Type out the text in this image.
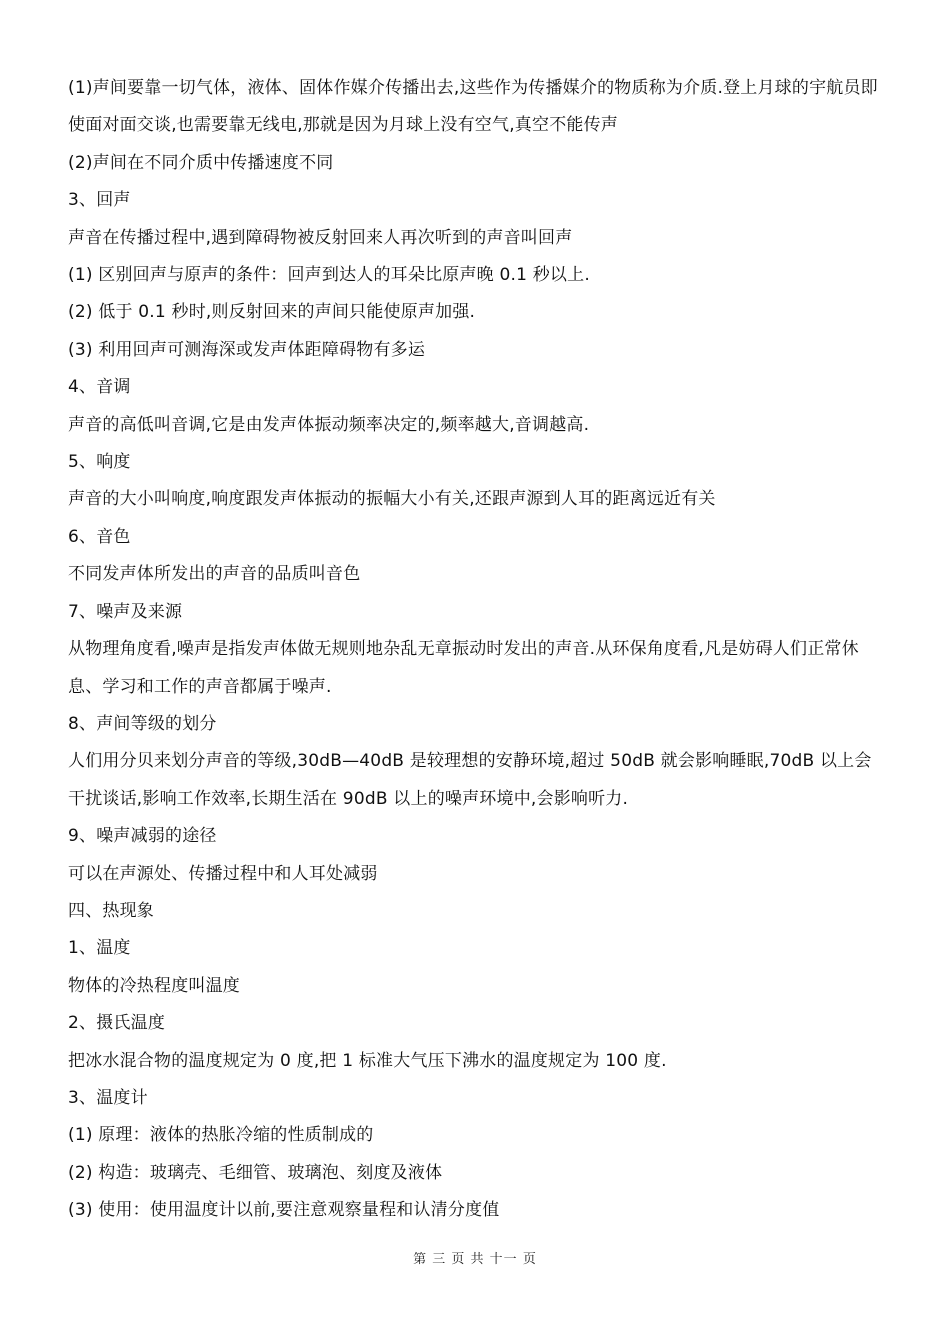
(1)声间要靠一切气体，液体、固体作媒介传播出去,这些作为传播媒介的物质称为介质.登上月球的宇航员即使面对面交谈,也需要靠无线电,那就是因为月球上没有空气,真空不能传声
(2)声间在不同介质中传播速度不同
3、回声
声音在传播过程中,遇到障碍物被反射回来人再次听到的声音叫回声
(1) 区别回声与原声的条件：回声到达人的耳朵比原声晚 0.1 秒以上.
(2) 低于 0.1 秒时,则反射回来的声间只能使原声加强.
(3) 利用回声可测海深或发声体距障碍物有多运
4、音调
声音的高低叫音调,它是由发声体振动频率决定的,频率越大,音调越高.
5、响度
声音的大小叫响度,响度跟发声体振动的振幅大小有关,还跟声源到人耳的距离远近有关
6、音色
不同发声体所发出的声音的品质叫音色
7、噪声及来源
从物理角度看,噪声是指发声体做无规则地杂乱无章振动时发出的声音.从环保角度看,凡是妨碍人们正常休息、学习和工作的声音都属于噪声.
8、声间等级的划分
人们用分贝来划分声音的等级,30dB—40dB 是较理想的安静环境,超过 50dB 就会影响睡眠,70dB 以上会干扰谈话,影响工作效率,长期生活在 90dB 以上的噪声环境中,会影响听力.
9、噪声减弱的途径
可以在声源处、传播过程中和人耳处减弱
四、热现象
1、温度
物体的冷热程度叫温度
2、摄氏温度
把冰水混合物的温度规定为 0 度,把 1 标准大气压下沸水的温度规定为 100 度.
3、温度计
(1) 原理：液体的热胀冷缩的性质制成的
(2) 构造：玻璃壳、毛细管、玻璃泡、刻度及液体
(3) 使用：使用温度计以前,要注意观察量程和认清分度值
第 三 页 共 十一 页
